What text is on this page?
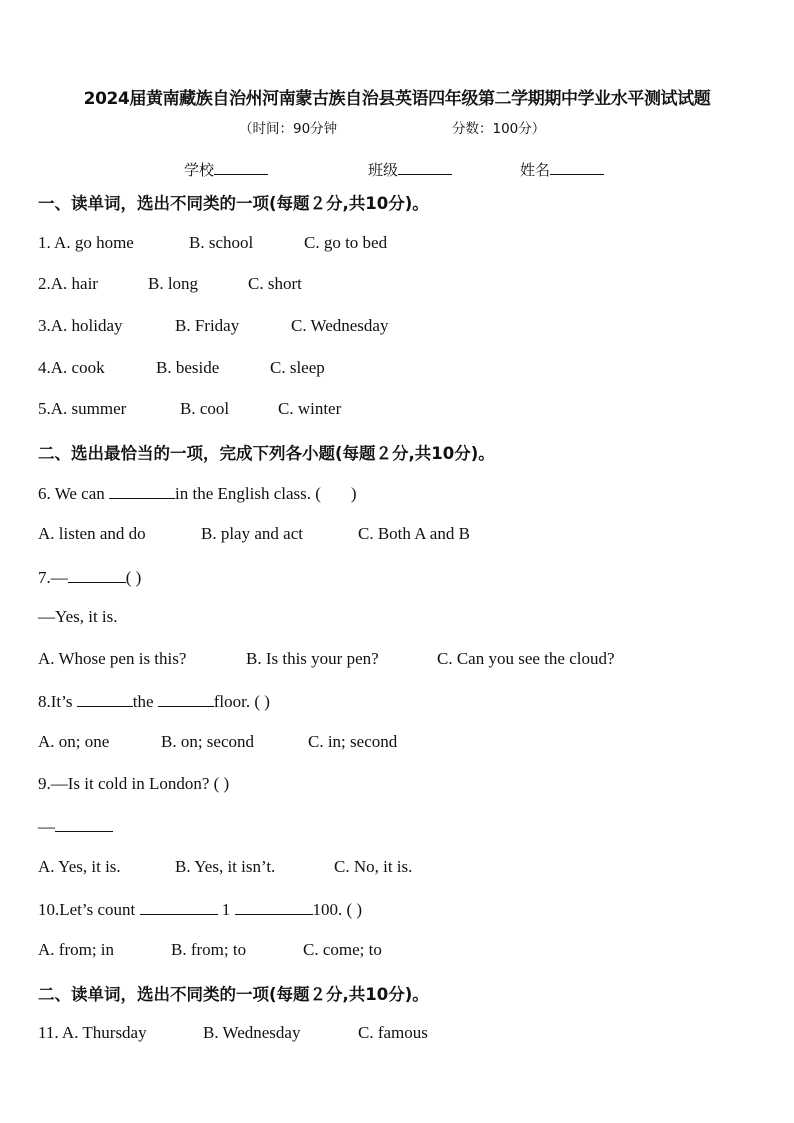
2024届黄南藏族自治州河南蒙古族自治县英语四年级第二学期期中学业水平测试试题
（时间：90分钟	分数：100分）
学校	班级	姓名
一、读单词，选出不同类的一项(每题２分,共10分)。
1. A. go home	B. school	C. go to bed
2.A. hair	B. long	C. short
3.A. holiday	B. Friday	C. Wednesday
4.A. cook	B. beside	C. sleep
5.A. summer	B. cool	C. winter
二、选出最恰当的一项，完成下列各小题(每题２分,共10分)。
6. We can	in the English class. ( )
A. listen and do	B. play and act	C. Both A and B
7.—	( )
—Yes, it is.
A. Whose pen is this?	B. Is this your pen?	C. Can you see the cloud?
8.It’s	the	floor. ( )
A. on; one	B. on; second	C. in; second
9.—Is it cold in London? ( )
—
A. Yes, it is.	B. Yes, it isn’t.	C. No, it is.
10.Let’s count	1	100. ( )
A. from; in	B. from; to	C. come; to
二、读单词，选出不同类的一项(每题２分,共10分)。
11. A. Thursday	B. Wednesday	C. famous
